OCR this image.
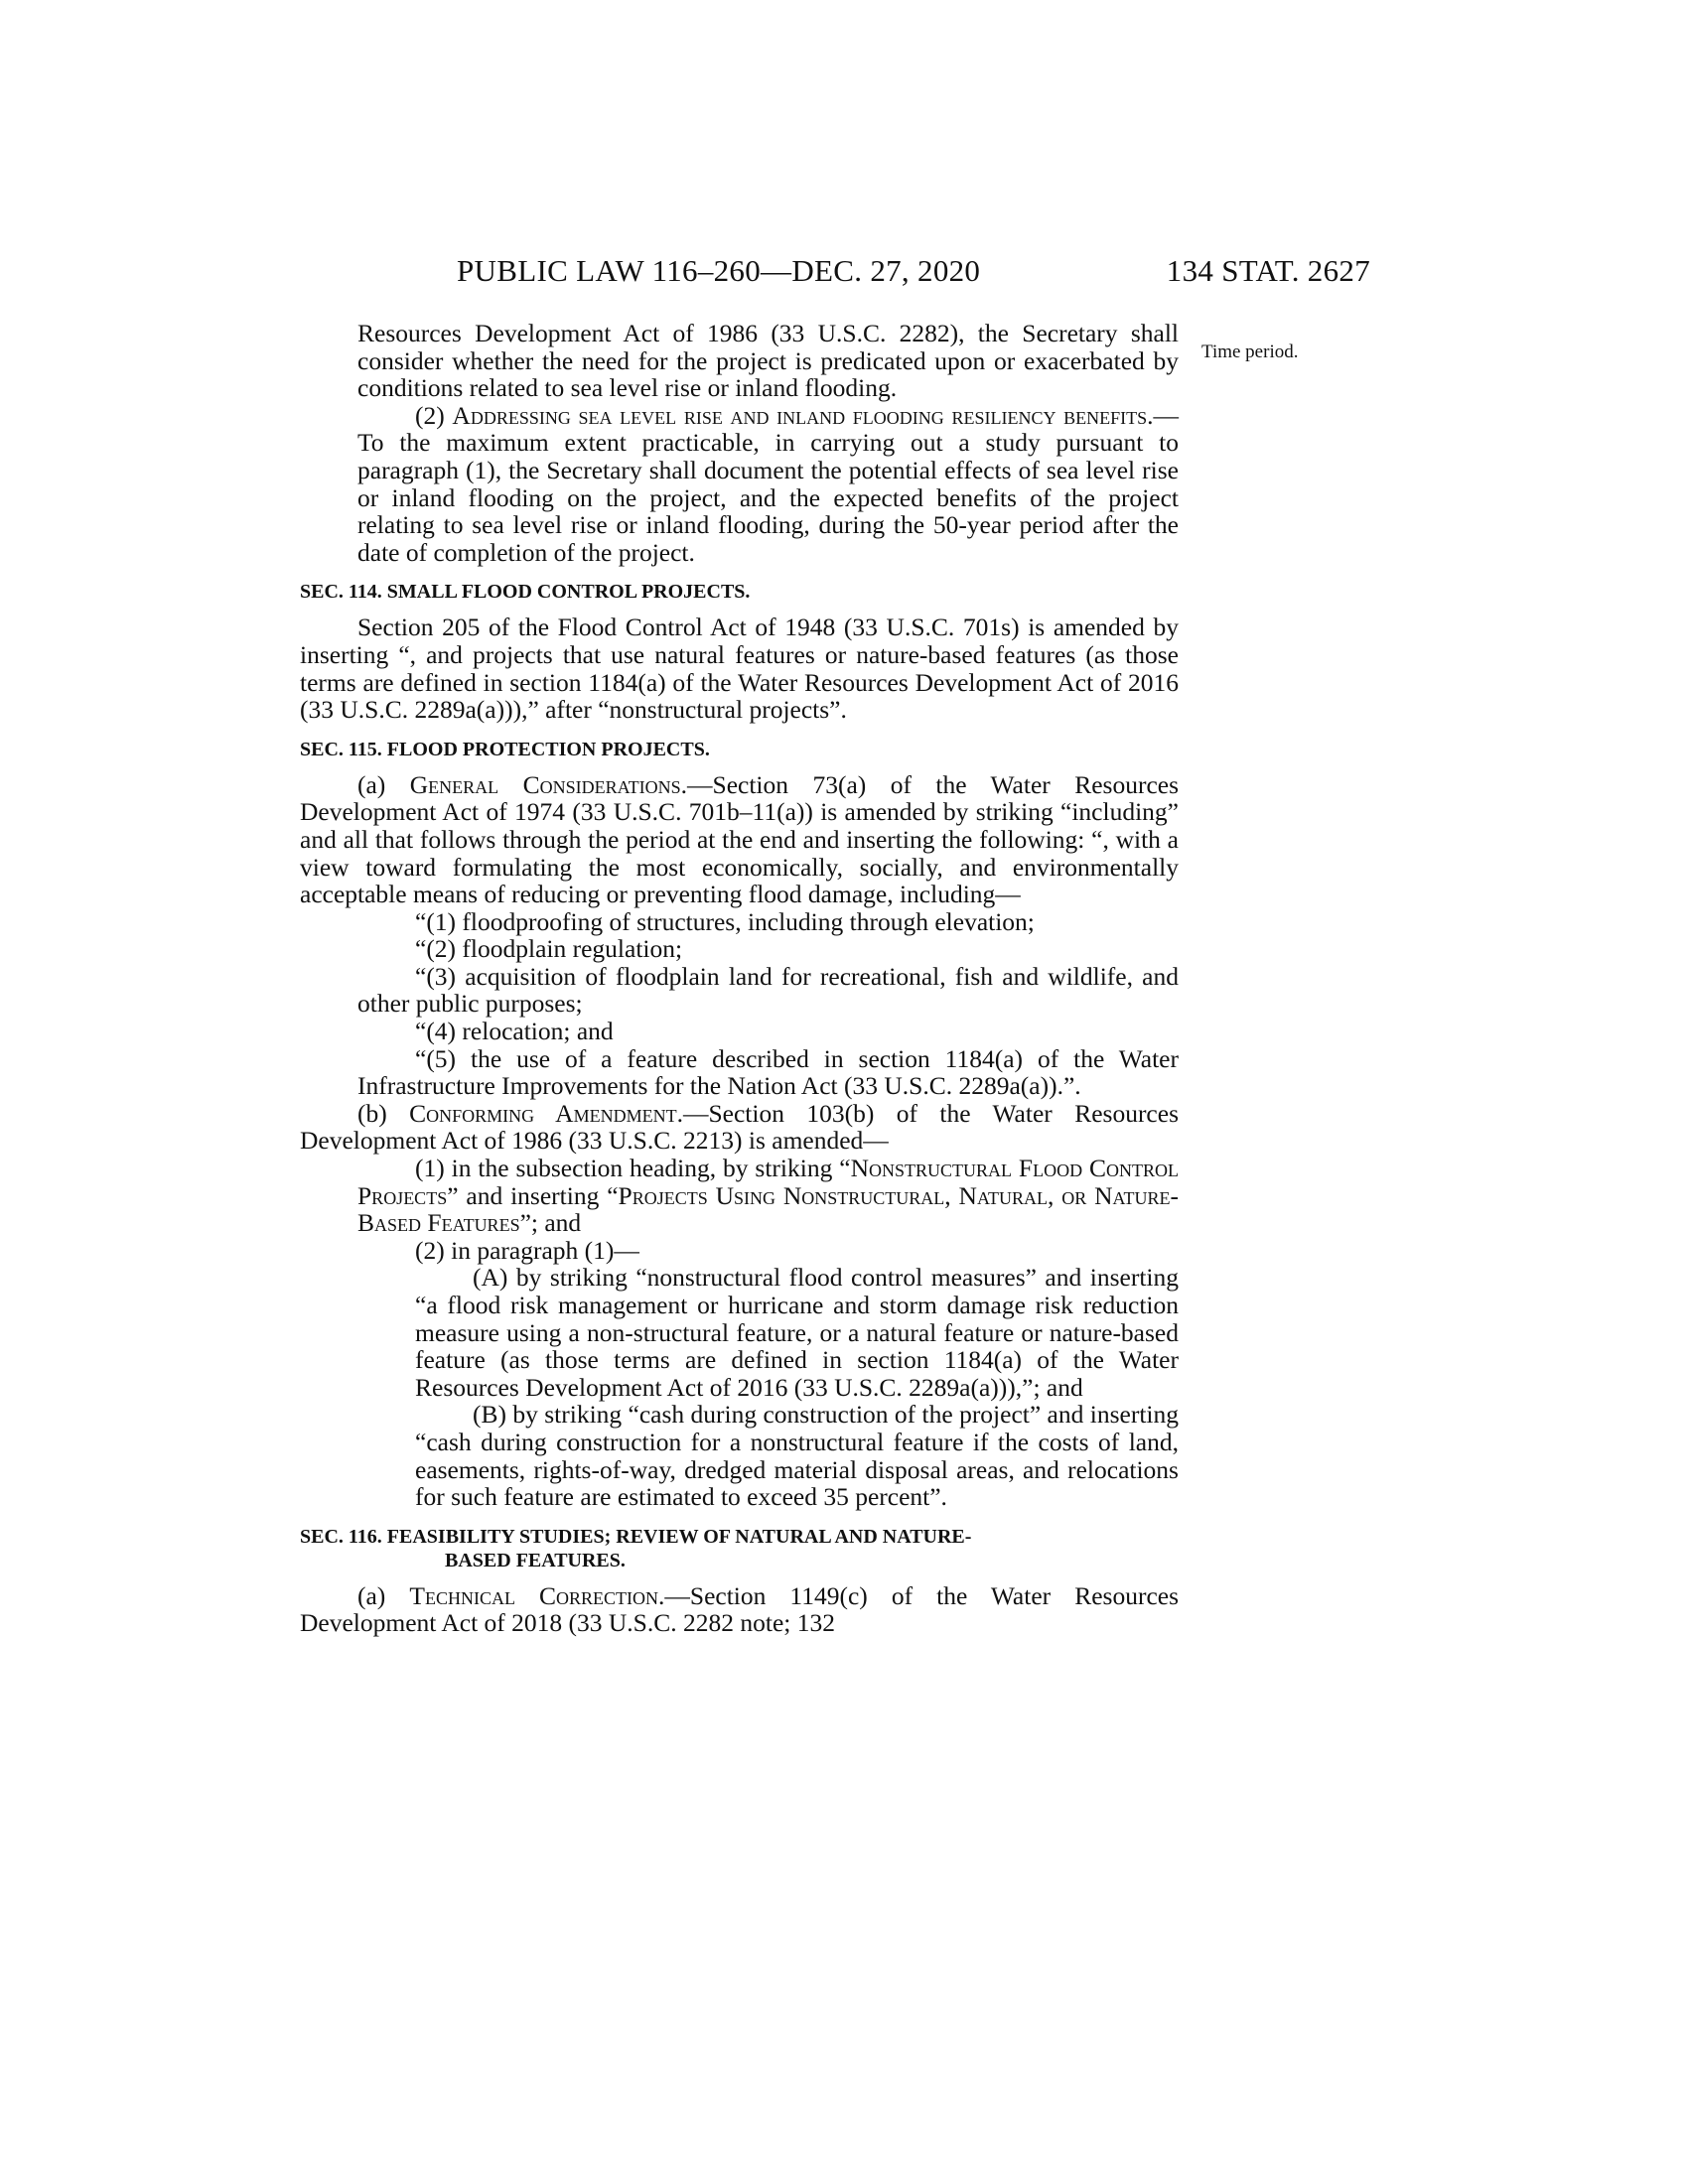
PUBLIC LAW 116–260—DEC. 27, 2020	134 STAT. 2627
Time period.

Resources Development Act of 1986 (33 U.S.C. 2282), the Secretary shall consider whether the need for the project is predicated upon or exacerbated by conditions related to sea level rise or inland flooding.

(2) Addressing sea level rise and inland flooding resiliency benefits.—To the maximum extent practicable, in carrying out a study pursuant to paragraph (1), the Secretary shall document the potential effects of sea level rise or inland flooding on the project, and the expected benefits of the project relating to sea level rise or inland flooding, during the 50-year period after the date of completion of the project.

SEC. 114. SMALL FLOOD CONTROL PROJECTS.

Section 205 of the Flood Control Act of 1948 (33 U.S.C. 701s) is amended by inserting “, and projects that use natural features or nature-based features (as those terms are defined in section 1184(a) of the Water Resources Development Act of 2016 (33 U.S.C. 2289a(a))),” after “nonstructural projects”.

SEC. 115. FLOOD PROTECTION PROJECTS.

(a) General Considerations.—Section 73(a) of the Water Resources Development Act of 1974 (33 U.S.C. 701b–11(a)) is amended by striking “including” and all that follows through the period at the end and inserting the following: “, with a view toward formulating the most economically, socially, and environmentally acceptable means of reducing or preventing flood damage, including—

“(1) floodproofing of structures, including through elevation;

“(2) floodplain regulation;

“(3) acquisition of floodplain land for recreational, fish and wildlife, and other public purposes;

“(4) relocation; and

“(5) the use of a feature described in section 1184(a) of the Water Infrastructure Improvements for the Nation Act (33 U.S.C. 2289a(a)).”.

(b) Conforming Amendment.—Section 103(b) of the Water Resources Development Act of 1986 (33 U.S.C. 2213) is amended—

(1) in the subsection heading, by striking “Nonstructural Flood Control Projects” and inserting “Projects Using Nonstructural, Natural, or Nature-Based Features”; and

(2) in paragraph (1)—

(A) by striking “nonstructural flood control measures” and inserting “a flood risk management or hurricane and storm damage risk reduction measure using a non-structural feature, or a natural feature or nature-based feature (as those terms are defined in section 1184(a) of the Water Resources Development Act of 2016 (33 U.S.C. 2289a(a))),”; and

(B) by striking “cash during construction of the project” and inserting “cash during construction for a nonstructural feature if the costs of land, easements, rights-of-way, dredged material disposal areas, and relocations for such feature are estimated to exceed 35 percent”.

SEC. 116. FEASIBILITY STUDIES; REVIEW OF NATURAL AND NATURE-
BASED FEATURES.

(a) Technical Correction.—Section 1149(c) of the Water Resources Development Act of 2018 (33 U.S.C. 2282 note; 132
